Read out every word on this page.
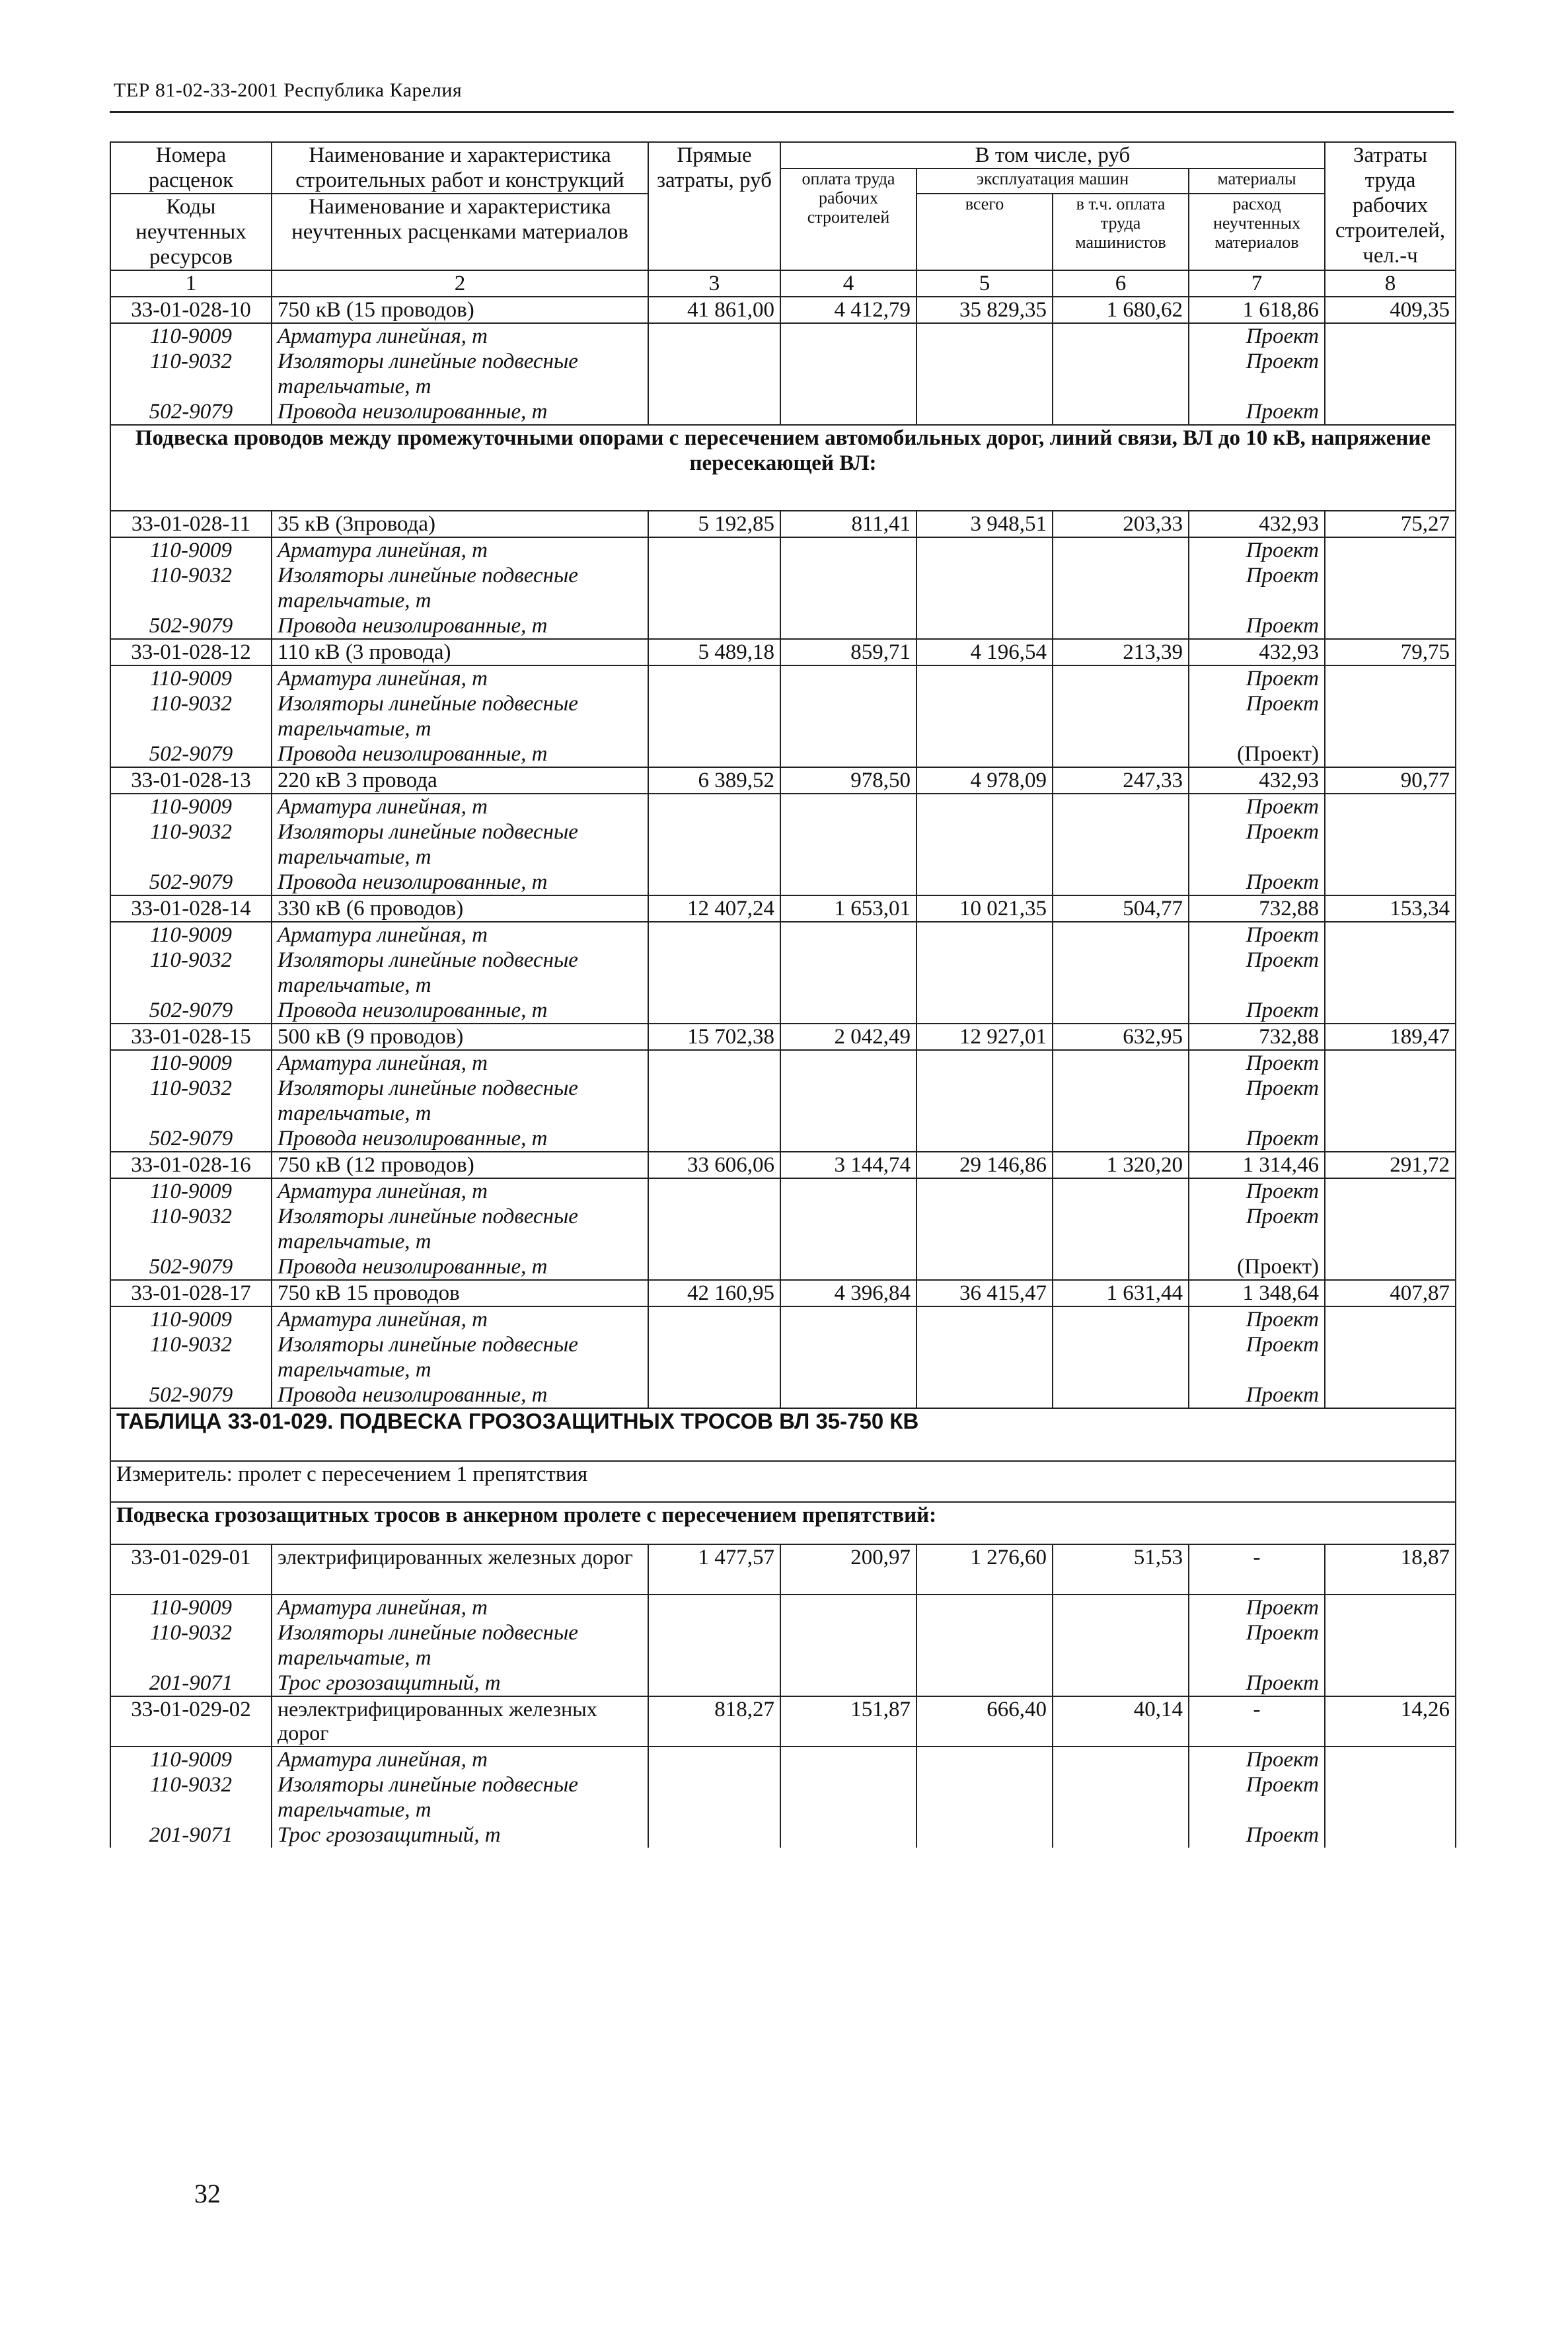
ТЕР 81-02-33-2001 Республика Карелия
Номера расценок	Наименование и характеристика строительных работ и конструкций	Прямые затраты, руб	В том числе, руб				Затраты труда рабочих строителей, чел.-ч
			оплата труда рабочих строителей	эксплуатация машин		материалы	
Коды неучтенных ресурсов	Наименование и характеристика неучтенных расценками материалов			всего	в т.ч. оплата труда машинистов	расход неучтенных материалов	

1	2	3	4	5	6	7	8
33-01-028-10	750 кВ (15 проводов)	41 861,00	4 412,79	35 829,35	1 680,62	1 618,86	409,35
110-9009	Арматура линейная, т					Проект	
110-9032	Изоляторы линейные подвесные тарельчатые, т					Проект	
502-9079	Провода неизолированные, т					Проект	
Подвеска проводов между промежуточными опорами с пересечением автомобильных дорог, линий связи, ВЛ до 10 кВ, напряжение пересекающей ВЛ:							
33-01-028-11	35 кВ (3провода)	5 192,85	811,41	3 948,51	203,33	432,93	75,27
110-9009	Арматура линейная, т					Проект	
110-9032	Изоляторы линейные подвесные тарельчатые, т					Проект	
502-9079	Провода неизолированные, т					Проект	
33-01-028-12	110 кВ (3 провода)	5 489,18	859,71	4 196,54	213,39	432,93	79,75
110-9009	Арматура линейная, т					Проект	
110-9032	Изоляторы линейные подвесные тарельчатые, т					Проект	
502-9079	Провода неизолированные, т					(Проект)	
33-01-028-13	220 кВ 3 провода	6 389,52	978,50	4 978,09	247,33	432,93	90,77
110-9009	Арматура линейная, т					Проект	
110-9032	Изоляторы линейные подвесные тарельчатые, т					Проект	
502-9079	Провода неизолированные, т					Проект	
33-01-028-14	330 кВ (6 проводов)	12 407,24	1 653,01	10 021,35	504,77	732,88	153,34
110-9009	Арматура линейная, т					Проект	
110-9032	Изоляторы линейные подвесные тарельчатые, т					Проект	
502-9079	Провода неизолированные, т					Проект	
33-01-028-15	500 кВ (9 проводов)	15 702,38	2 042,49	12 927,01	632,95	732,88	189,47
110-9009	Арматура линейная, т					Проект	
110-9032	Изоляторы линейные подвесные тарельчатые, т					Проект	
502-9079	Провода неизолированные, т					Проект	
33-01-028-16	750 кВ (12 проводов)	33 606,06	3 144,74	29 146,86	1 320,20	1 314,46	291,72
110-9009	Арматура линейная, т					Проект	
110-9032	Изоляторы линейные подвесные тарельчатые, т					Проект	
502-9079	Провода неизолированные, т					(Проект)	
33-01-028-17	750 кВ 15 проводов	42 160,95	4 396,84	36 415,47	1 631,44	1 348,64	407,87
110-9009	Арматура линейная, т					Проект	
110-9032	Изоляторы линейные подвесные тарельчатые, т					Проект	
502-9079	Провода неизолированные, т					Проект	
ТАБЛИЦА 33-01-029. ПОДВЕСКА ГРОЗОЗАЩИТНЫХ ТРОСОВ ВЛ 35-750 КВ							
Измеритель: пролет с пересечением 1 препятствия							
Подвеска грозозащитных тросов в анкерном пролете с пересечением препятствий:							
33-01-029-01	электрифицированных железных дорог	1 477,57	200,97	1 276,60	51,53	-	18,87
110-9009	Арматура линейная, т					Проект	
110-9032	Изоляторы линейные подвесные тарельчатые, т					Проект	
201-9071	Трос грозозащитный, т					Проект	
33-01-029-02	неэлектрифицированных железных дорог	818,27	151,87	666,40	40,14	-	14,26
110-9009	Арматура линейная, т					Проект	
110-9032	Изоляторы линейные подвесные тарельчатые, т					Проект	
201-9071	Трос грозозащитный, т					Проект	
32
